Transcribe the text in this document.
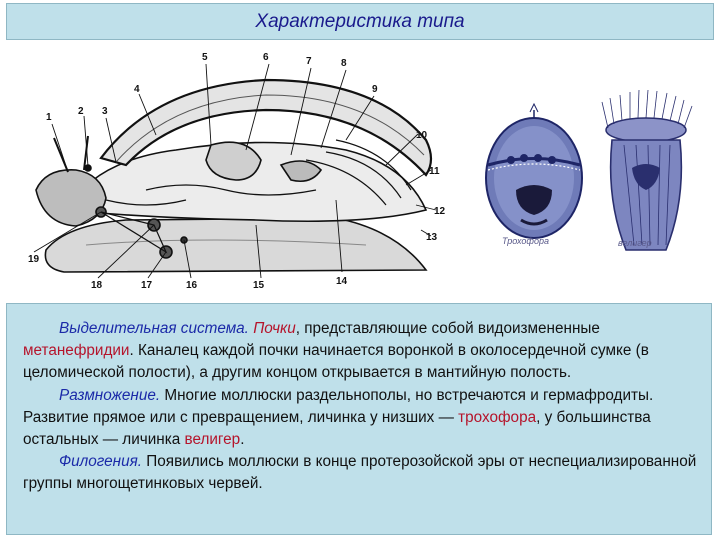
Характеристика типа
1
2 3
4
5	6	7	8
9
10
11
12
13
14
15
16
17
18
19
Трохофора	велигер

Выделительная система. Почки, представляющие собой видоизмененные метанефридии. Каналец каждой почки начинается воронкой в околосердечной сумке (в целомической полости), а другим концом открывается в мантийную полость.

Размножение. Многие моллюски раздельнополы, но встречаются и гермафродиты. Развитие прямое или с превращением, личинка у низших — трохофора, у большинства остальных — личинка велигер.

Филогения. Появились моллюски в конце протерозойской эры от неспециализированной группы многощетинковых червей.
